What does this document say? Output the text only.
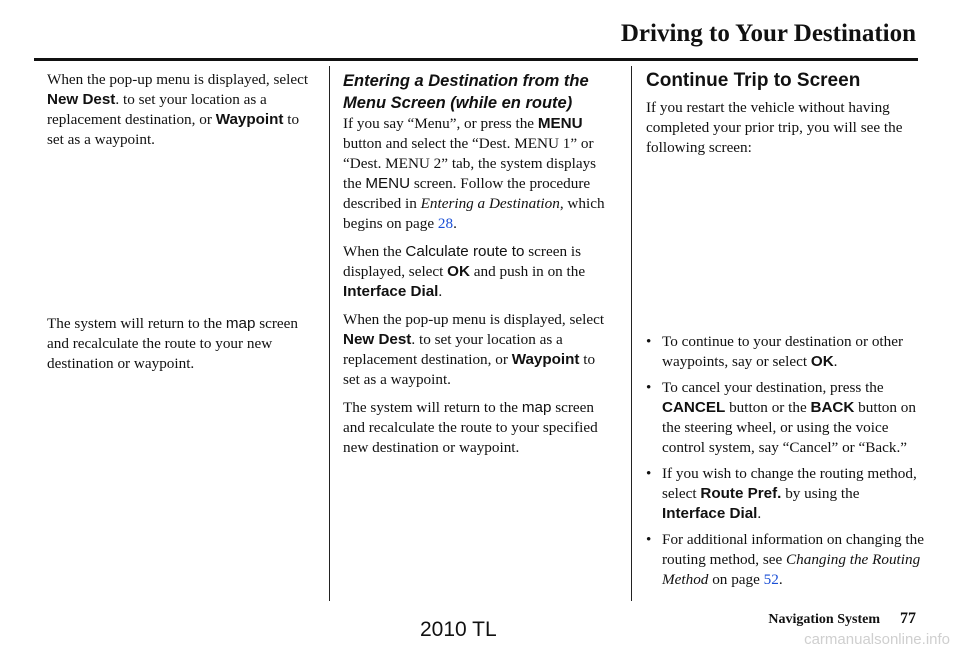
Driving to Your Destination

When the pop-up menu is displayed, select New Dest. to set your location as a replacement destination, or Waypoint to set as a waypoint.

The system will return to the map screen and recalculate the route to your new destination or waypoint.

Entering a Destination from the Menu Screen (while en route)

If you say “Menu”, or press the MENU button and select the “Dest. MENU 1” or “Dest. MENU 2” tab, the system displays the MENU screen. Follow the procedure described in Entering a Destination, which begins on page 28.

When the Calculate route to screen is displayed, select OK and push in on the Interface Dial.

When the pop-up menu is displayed, select New Dest. to set your location as a replacement destination, or Waypoint to set as a waypoint.

The system will return to the map screen and recalculate the route to your specified new destination or waypoint.

Continue Trip to Screen

If you restart the vehicle without having completed your prior trip, you will see the following screen:

• To continue to your destination or other waypoints, say or select OK.
• To cancel your destination, press the CANCEL button or the BACK button on the steering wheel, or using the voice control system, say “Cancel” or “Back.”
• If you wish to change the routing method, select Route Pref. by using the Interface Dial.
• For additional information on changing the routing method, see Changing the Routing Method on page 52.
Navigation System 77
2010 TL	carmanualsonline.info
